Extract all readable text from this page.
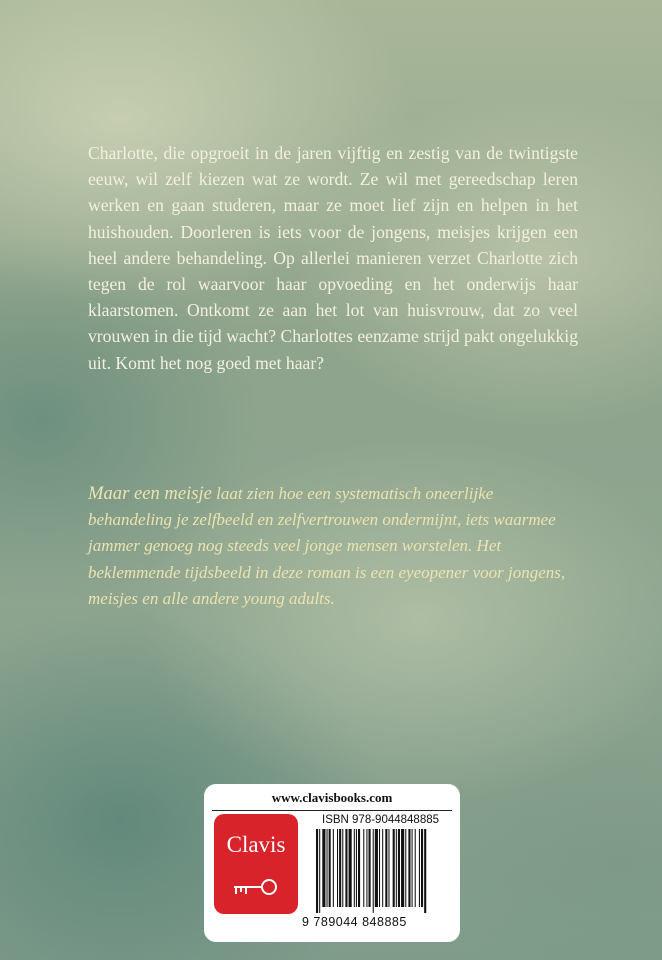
Charlotte, die opgroeit in de jaren vijftig en zestig van de twintigste eeuw, wil zelf kiezen wat ze wordt. Ze wil met gereedschap leren werken en gaan studeren, maar ze moet lief zijn en helpen in het huishouden. Doorleren is iets voor de jongens, meisjes krijgen een heel andere behandeling. Op allerlei manieren verzet Charlotte zich tegen de rol waarvoor haar opvoeding en het onderwijs haar klaarstomen. Ontkomt ze aan het lot van huisvrouw, dat zo veel vrouwen in die tijd wacht? Charlottes eenzame strijd pakt ongelukkig uit. Komt het nog goed met haar?

Maar een meisje laat zien hoe een systematisch oneerlijke behandeling je zelfbeeld en zelfvertrouwen ondermijnt, iets waarmee jammer genoeg nog steeds veel jonge mensen worstelen. Het beklemmende tijdsbeeld in deze roman is een eyeopener voor jongens, meisjes en alle andere young adults.
www.clavisbooks.com
Clavis
ISBN 978-9044848885
9 789044 848885
